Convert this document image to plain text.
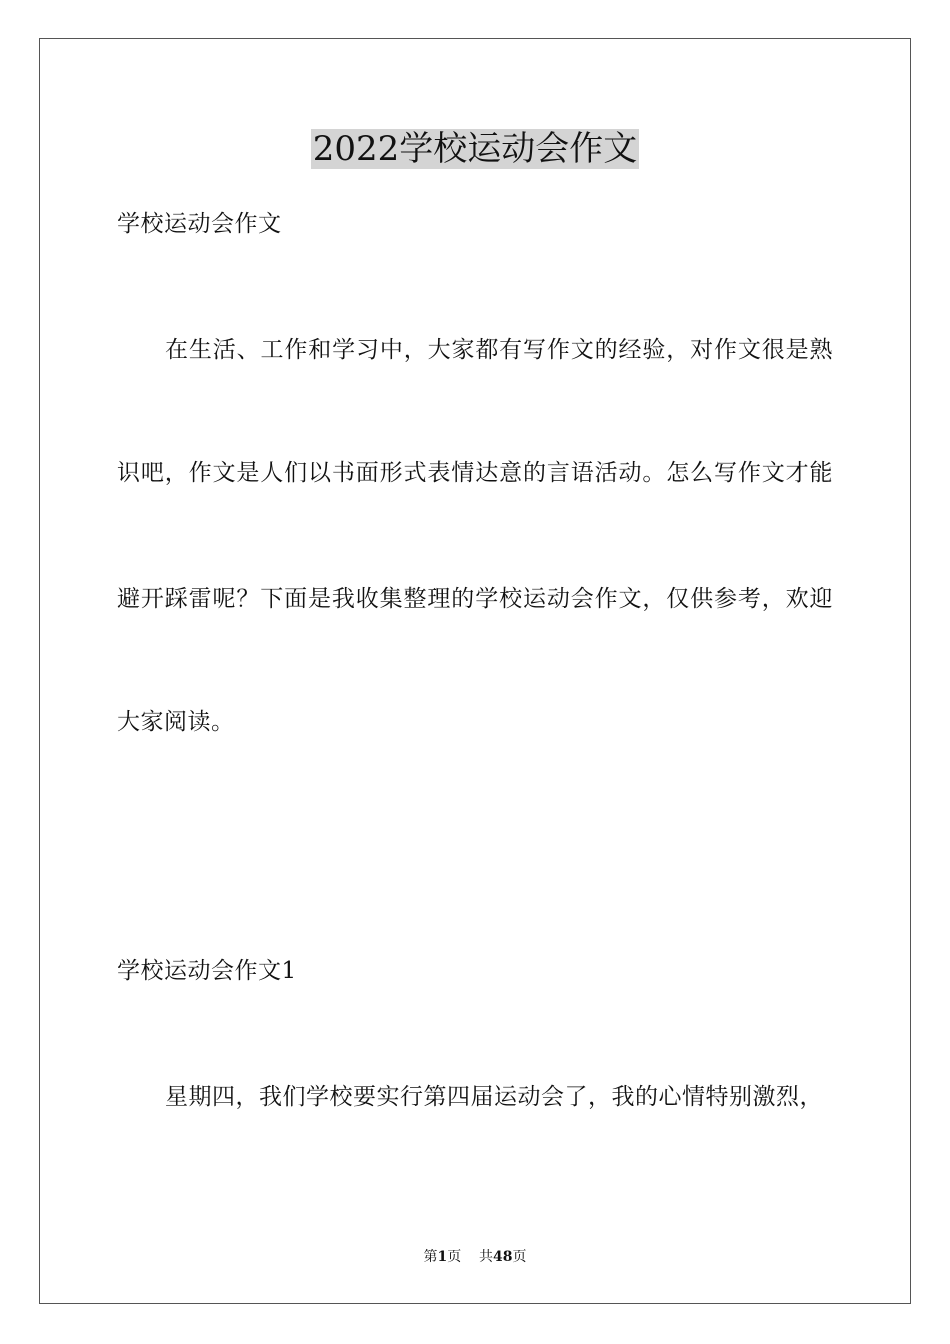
2022学校运动会作文
学校运动会作文
在生活、工作和学习中，大家都有写作文的经验，对作文很是熟
识吧，作文是人们以书面形式表情达意的言语活动。怎么写作文才能
避开踩雷呢？下面是我收集整理的学校运动会作文，仅供参考，欢迎
大家阅读。
学校运动会作文1
星期四，我们学校要实行第四届运动会了，我的心情特别激烈，
第1页 共48页
